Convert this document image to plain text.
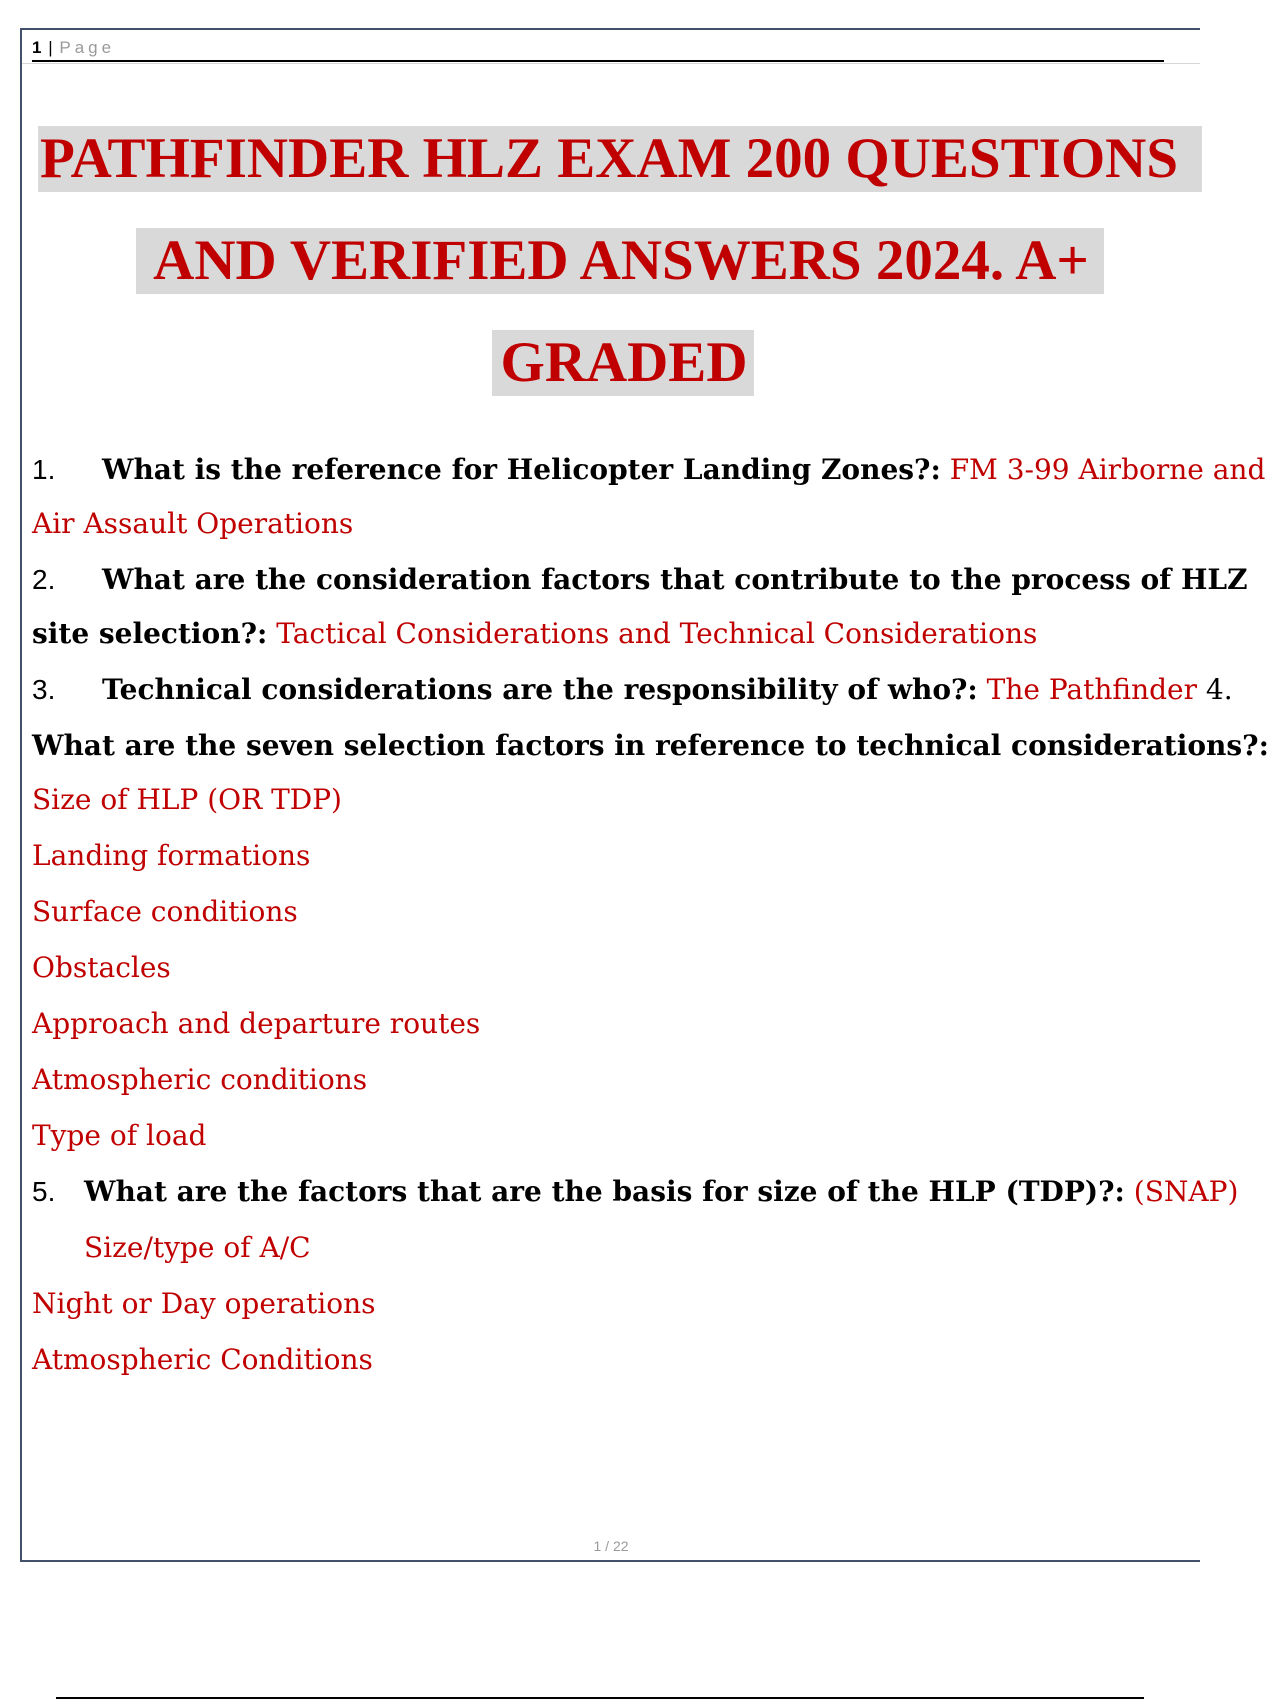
1 | Page
PATHFINDER HLZ EXAM 200 QUESTIONS
AND VERIFIED ANSWERS 2024. A+
GRADED
1. What is the reference for Helicopter Landing Zones?: FM 3-99 Airborne and
Air Assault Operations
2. What are the consideration factors that contribute to the process of HLZ
site selection?: Tactical Considerations and Technical Considerations
3. Technical considerations are the responsibility of who?: The Pathfinder 4.
What are the seven selection factors in reference to technical considerations?:
Size of HLP (OR TDP)
Landing formations
Surface conditions
Obstacles
Approach and departure routes
Atmospheric conditions
Type of load
5. What are the factors that are the basis for size of the HLP (TDP)?: (SNAP)
Size/type of A/C
Night or Day operations
Atmospheric Conditions
1 / 22
